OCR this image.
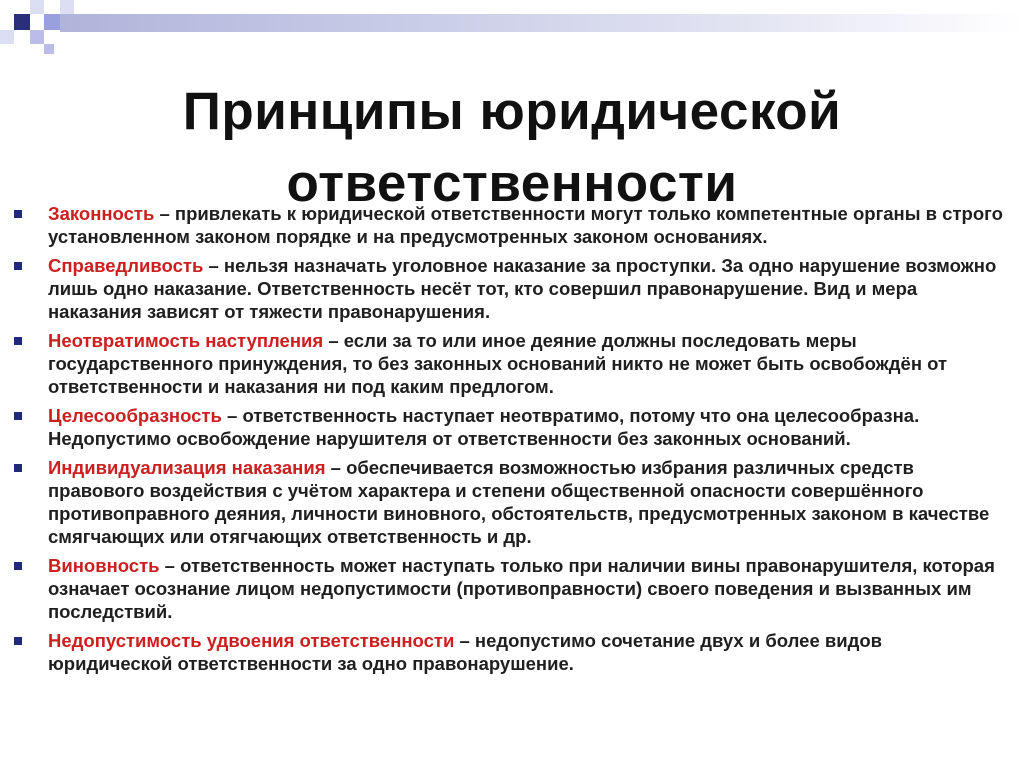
Принципы юридической
ответственности
Законность – привлекать к юридической ответственности могут только компетентные органы в строго установленном законом порядке и на предусмотренных законом основаниях.
Справедливость – нельзя назначать уголовное наказание за проступки. За одно нарушение возможно лишь одно наказание. Ответственность несёт тот, кто совершил правонарушение. Вид и мера наказания зависят от тяжести правонарушения.
Неотвратимость наступления – если за то или иное деяние должны последовать меры государственного принуждения, то без законных оснований никто не может быть освобождён от ответственности и наказания ни под каким предлогом.
Целесообразность – ответственность наступает неотвратимо, потому что она целесообразна. Недопустимо освобождение нарушителя от ответственности без законных оснований.
Индивидуализация наказания – обеспечивается возможностью избрания различных средств правового воздействия с учётом характера и степени общественной опасности совершённого противоправного деяния, личности виновного, обстоятельств, предусмотренных законом в качестве смягчающих или отягчающих ответственность и др.
Виновность – ответственность может наступать только при наличии вины правонарушителя, которая означает осознание лицом недопустимости (противоправности) своего поведения и вызванных им последствий.
Недопустимость удвоения ответственности – недопустимо сочетание двух и более видов юридической ответственности за одно правонарушение.
